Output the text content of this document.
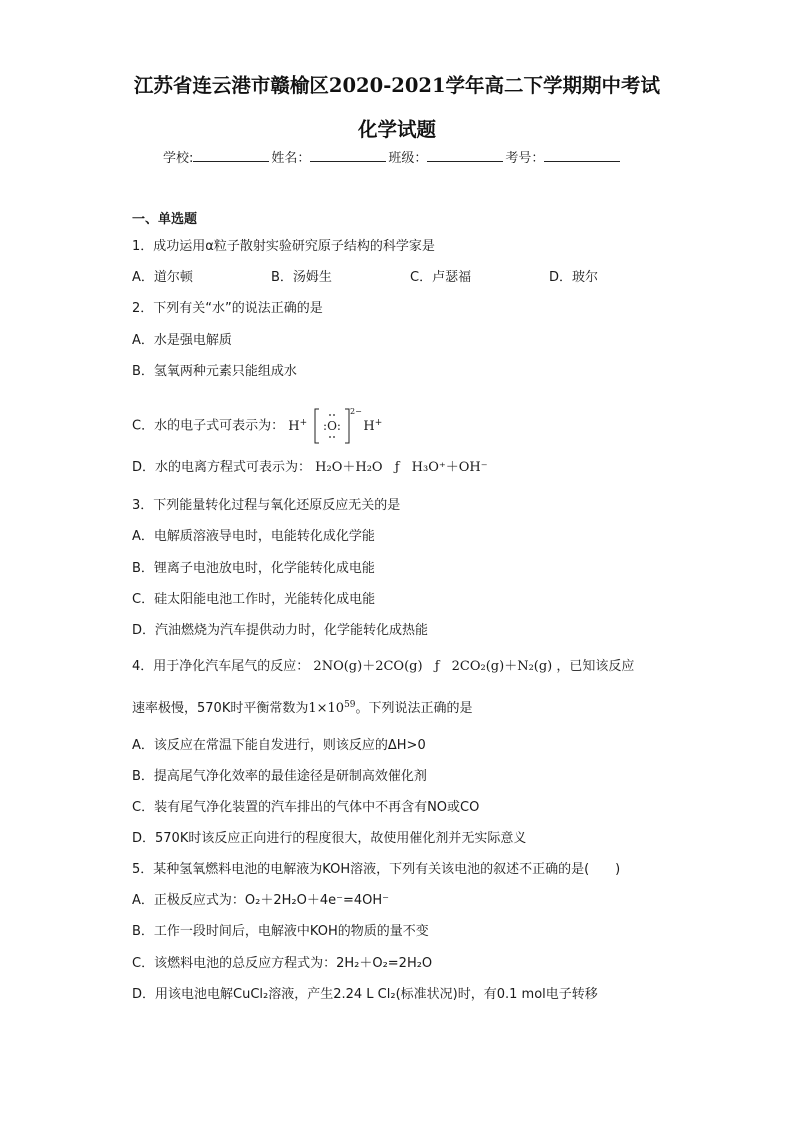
江苏省连云港市赣榆区2020-2021学年高二下学期期中考试
化学试题
学校:	姓名：	班级：	考号：
一、单选题
1．成功运用α粒子散射实验研究原子结构的科学家是
A．道尔顿	B．汤姆生	C．卢瑟福	D．玻尔
2．下列有关“水”的说法正确的是
A．水是强电解质
B．氢氧两种元素只能组成水
C．水的电子式可表示为： H+ :O:
2−
H+
D．水的电离方程式可表示为： H₂O＋H₂O ƒ H₃O⁺＋OH⁻
3．下列能量转化过程与氧化还原反应无关的是
A．电解质溶液导电时，电能转化成化学能
B．锂离子电池放电时，化学能转化成电能
C．硅太阳能电池工作时，光能转化成电能
D．汽油燃烧为汽车提供动力时，化学能转化成热能
4．用于净化汽车尾气的反应： 2NO(g)＋2CO(g) ƒ 2CO₂(g)＋N₂(g) ，已知该反应
速率极慢，570K时平衡常数为$1\times 10^{59}$。下列说法正确的是
A．该反应在常温下能自发进行，则该反应的ΔH>0
B．提高尾气净化效率的最佳途径是研制高效催化剂
C．装有尾气净化装置的汽车排出的气体中不再含有NO或CO
D．570K时该反应正向进行的程度很大，故使用催化剂并无实际意义
5．某种氢氧燃料电池的电解液为KOH溶液，下列有关该电池的叙述不正确的是(　　)
A．正极反应式为：O₂＋2H₂O＋4e⁻=4OH⁻
B．工作一段时间后，电解液中KOH的物质的量不变
C．该燃料电池的总反应方程式为：2H₂＋O₂=2H₂O
D．用该电池电解CuCl₂溶液，产生2.24 L Cl₂(标准状况)时，有0.1 mol电子转移
